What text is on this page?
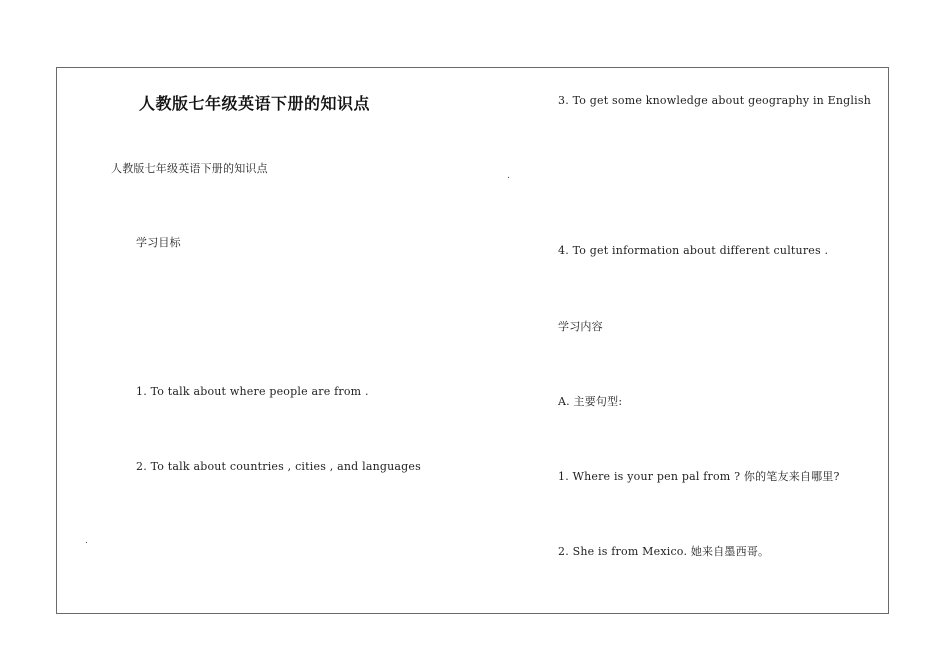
人教版七年级英语下册的知识点
人教版七年级英语下册的知识点
学习目标
1. To talk about where people are from .
2. To talk about countries , cities , and languages
.
3. To get some knowledge about geography in English
.
4. To get information about different cultures .
学习内容
A. 主要句型:
1. Where is your pen pal from ? 你的笔友来自哪里?
2. She is from Mexico. 她来自墨西哥。
